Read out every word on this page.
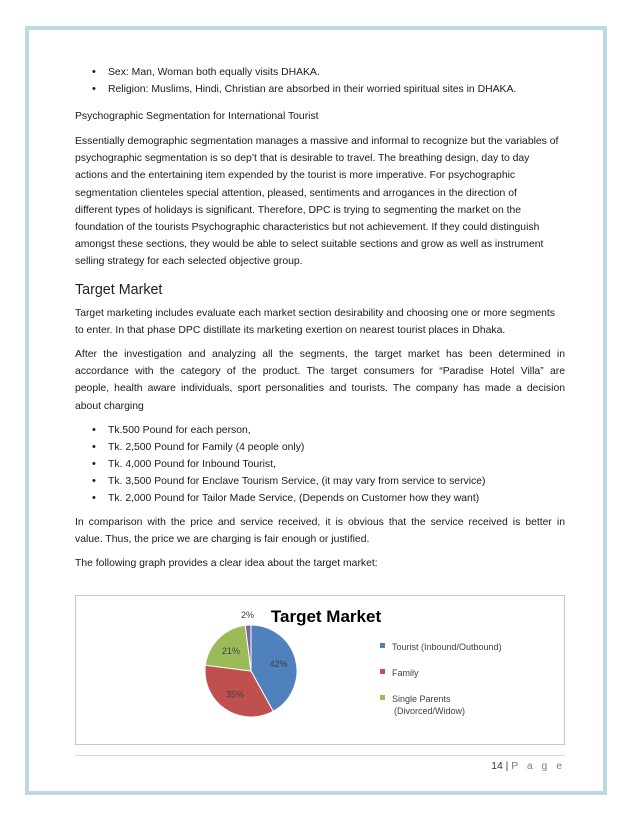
• Sex: Man, Woman both equally visits DHAKA.
• Religion: Muslims, Hindi, Christian are absorbed in their worried spiritual sites in DHAKA.

Psychographic Segmentation for International Tourist

Essentially demographic segmentation manages a massive and informal to recognize but the variables of
psychographic segmentation is so dep’t that is desirable to travel. The breathing design, day to day
actions and the entertaining item expended by the tourist is more imperative. For psychographic
segmentation clienteles special attention, pleased, sentiments and arrogances in the direction of
different types of holidays is significant. Therefore, DPC is trying to segmenting the market on the
foundation of the tourists Psychographic characteristics but not achievement. If they could distinguish
amongst these sections, they would be able to select suitable sections and grow as well as instrument
selling strategy for each selected objective group.
Target Market
Target marketing includes evaluate each market section desirability and choosing one or more segments
to enter. In that phase DPC distillate its marketing exertion on nearest tourist places in Dhaka.
After the investigation and analyzing all the segments, the target market has been determined in
accordance with the category of the product. The target consumers for “Paradise Hotel Villa” are
people, health aware individuals, sport personalities and tourists. The company has made a decision
about charging
• Tk.500 Pound for each person,
• Tk. 2,500 Pound for Family (4 people only)
• Tk. 4,000 Pound for Inbound Tourist,
• Tk. 3,500 Pound for Enclave Tourism Service, (it may vary from service to service)
• Tk. 2,000 Pound for Tailor Made Service, (Depends on Customer how they want)
In comparison with the price and service received, it is obvious that the service received is better in
value. Thus, the price we are charging is fair enough or justified.

The following graph provides a clear idea about the target market:

Target Market
42%
35%
21%
2%
Tourist (Inbound/Outbound)
Family
Single Parents
(Divorced/Widow)
14 | P a g e
